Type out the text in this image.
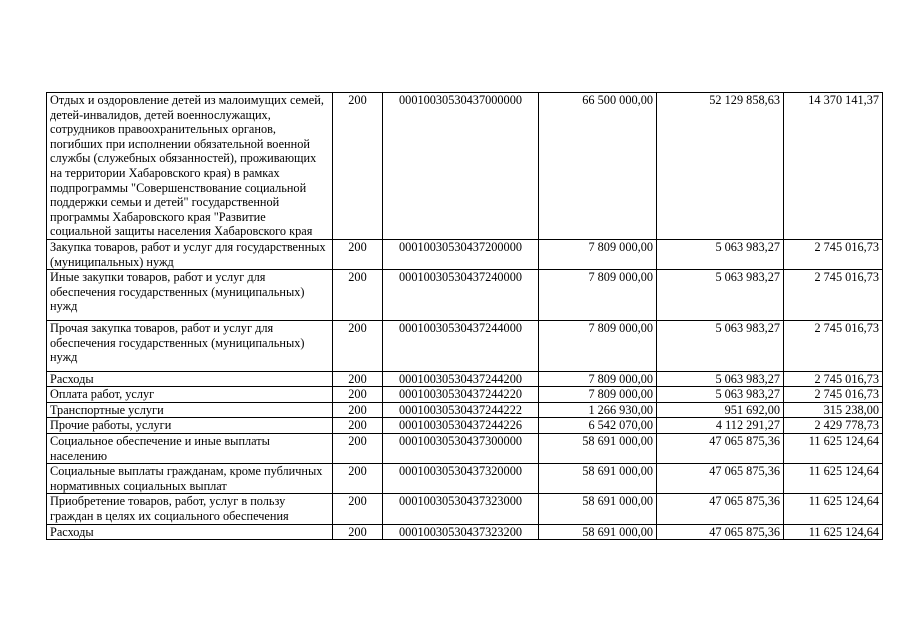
Отдых и оздоровление детей из малоимущих семей, детей-инвалидов, детей военнослужащих, сотрудников правоохранительных органов, погибших при исполнении обязательной военной службы (служебных обязанностей), проживающих на территории Хабаровского края) в рамках подпрограммы "Совершенствование социальной поддержки семьи и детей" государственной программы Хабаровского края "Развитие социальной защиты населения Хабаровского края	200	00010030530437000000	66 500 000,00	52 129 858,63	14 370 141,37
Закупка товаров, работ и услуг для государственных (муниципальных) нужд	200	00010030530437200000	7 809 000,00	5 063 983,27	2 745 016,73
Иные закупки товаров, работ и услуг для обеспечения государственных (муниципальных) нужд	200	00010030530437240000	7 809 000,00	5 063 983,27	2 745 016,73
Прочая закупка товаров, работ и услуг для обеспечения государственных (муниципальных) нужд	200	00010030530437244000	7 809 000,00	5 063 983,27	2 745 016,73
Расходы	200	00010030530437244200	7 809 000,00	5 063 983,27	2 745 016,73
Оплата работ, услуг	200	00010030530437244220	7 809 000,00	5 063 983,27	2 745 016,73
Транспортные услуги	200	00010030530437244222	1 266 930,00	951 692,00	315 238,00
Прочие работы, услуги	200	00010030530437244226	6 542 070,00	4 112 291,27	2 429 778,73
Социальное обеспечение и иные выплаты населению	200	00010030530437300000	58 691 000,00	47 065 875,36	11 625 124,64
Социальные выплаты гражданам, кроме публичных нормативных социальных выплат	200	00010030530437320000	58 691 000,00	47 065 875,36	11 625 124,64
Приобретение товаров, работ, услуг в пользу граждан в целях их социального обеспечения	200	00010030530437323000	58 691 000,00	47 065 875,36	11 625 124,64
Расходы	200	00010030530437323200	58 691 000,00	47 065 875,36	11 625 124,64
